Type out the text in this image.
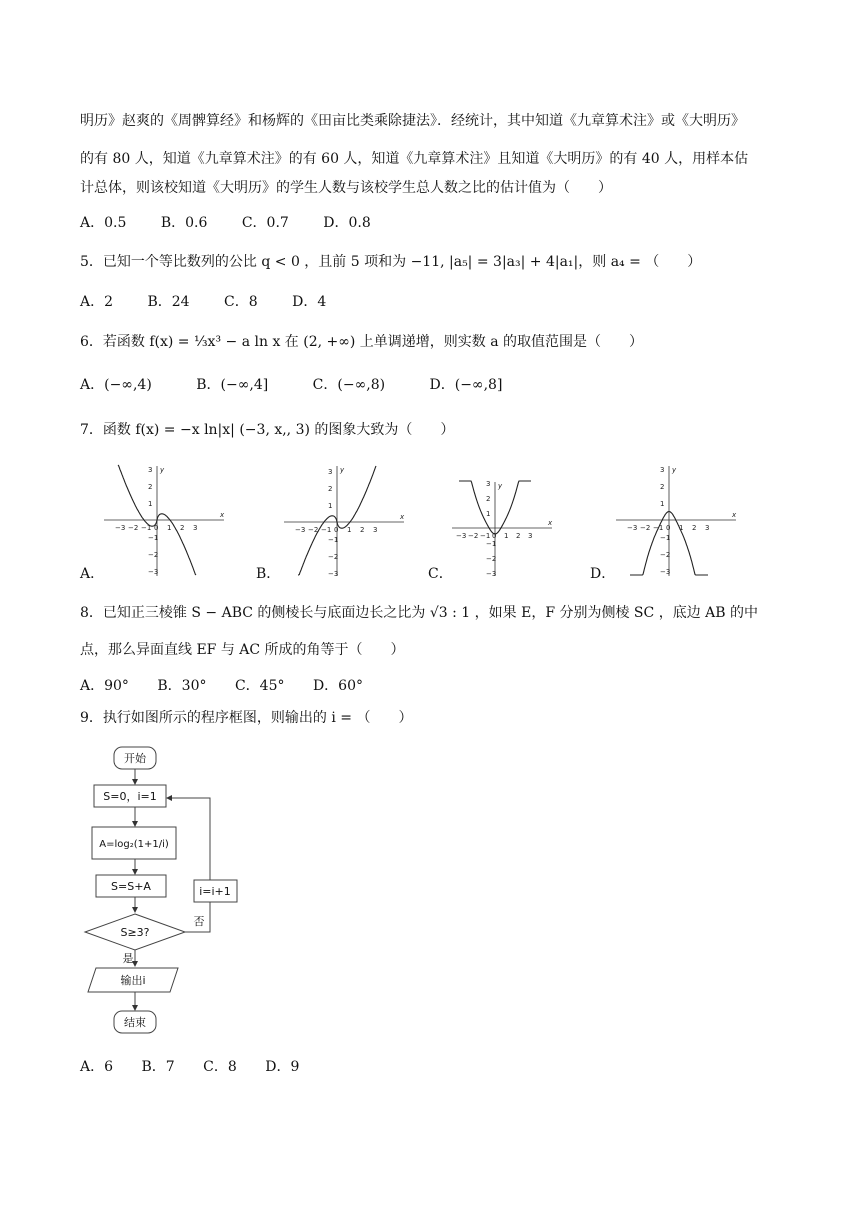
明历》赵爽的《周髀算经》和杨辉的《田亩比类乘除捷法》．经统计，其中知道《九章算术注》或《大明历》
的有 80 人，知道《九章算术注》的有 60 人，知道《九章算术注》且知道《大明历》的有 40 人，用样本估
计总体，则该校知道《大明历》的学生人数与该校学生总人数之比的估计值为（　　）
A．0.5 B．0.6 C．0.7 D．0.8
5．已知一个等比数列的公比 q < 0 ，且前 5 项和为 −11, |a₅| = 3|a₃| + 4|a₁|，则 a₄ = （　　）
A．2 B．24 C．8 D．4
6．若函数 f(x) = ⅓x³ − a ln x 在 (2, +∞) 上单调递增，则实数 a 的取值范围是（　　）
A．(−∞,4)	B．(−∞,4]	C．(−∞,8)	D．(−∞,8]
7．函数 f(x) = −x ln|x| (−3, x,, 3) 的图象大致为（　　）
A．	B．	C．	D．
−3 −2 −1 0 1 2 3
3
2
1
−1
−2
−3
x
y
−3 −2 −1 0 1 2 3
3
2
1
−1
−2
−3
x
y
−3 −2 −1 0 1 2 3
3
2
1
−1
−2
−3
x
y
−3 −2 −1 0 1 2 3
3
2
1
−1
−2
−3
x
y
8．已知正三棱锥 S − ABC 的侧棱长与底面边长之比为 √3 : 1 ，如果 E，F 分别为侧棱 SC ，底边 AB 的中
点，那么异面直线 EF 与 AC 所成的角等于（　　）
A．90° B．30° C．45° D．60°
9．执行如图所示的程序框图，则输出的 i = （　　）
开始
S=0，i=1
A=log₂(1+1/i)
S=S+A
S≥3?
i=i+1
否
是
输出i
结束
A．6 B．7 C．8 D．9
